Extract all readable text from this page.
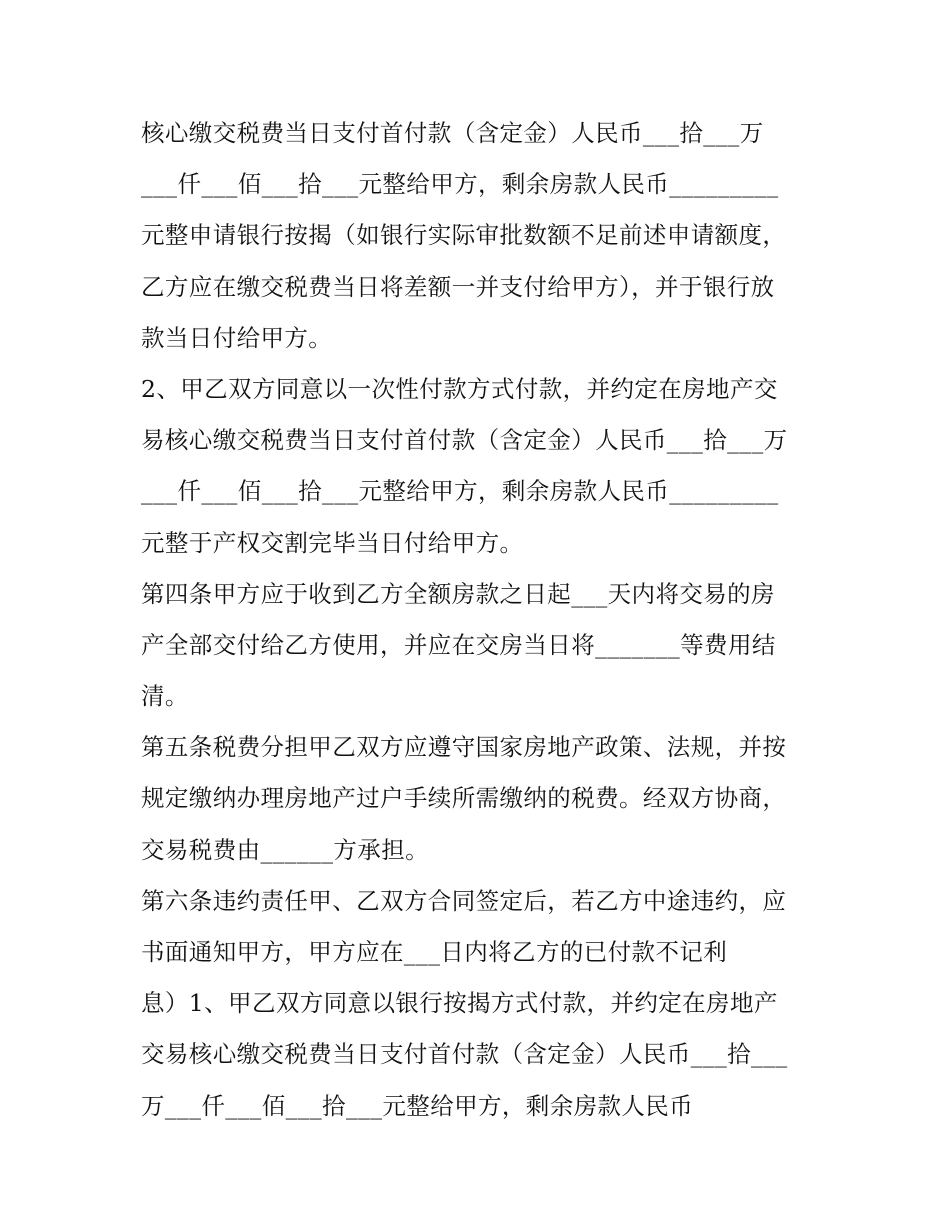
核心缴交税费当日支付首付款（含定金）人民币___拾___万
___仟___佰___拾___元整给甲方，剩余房款人民币_________
元整申请银行按揭（如银行实际审批数额不足前述申请额度，
乙方应在缴交税费当日将差额一并支付给甲方），并于银行放
款当日付给甲方。
2、甲乙双方同意以一次性付款方式付款，并约定在房地产交
易核心缴交税费当日支付首付款（含定金）人民币___拾___万
___仟___佰___拾___元整给甲方，剩余房款人民币_________
元整于产权交割完毕当日付给甲方。
第四条甲方应于收到乙方全额房款之日起___天内将交易的房
产全部交付给乙方使用，并应在交房当日将_______等费用结
清。
第五条税费分担甲乙双方应遵守国家房地产政策、法规，并按
规定缴纳办理房地产过户手续所需缴纳的税费。经双方协商，
交易税费由______方承担。
第六条违约责任甲、乙双方合同签定后，若乙方中途违约，应
书面通知甲方，甲方应在___日内将乙方的已付款不记利
息）1、甲乙双方同意以银行按揭方式付款，并约定在房地产
交易核心缴交税费当日支付首付款（含定金）人民币___拾___
万___仟___佰___拾___元整给甲方，剩余房款人民币
